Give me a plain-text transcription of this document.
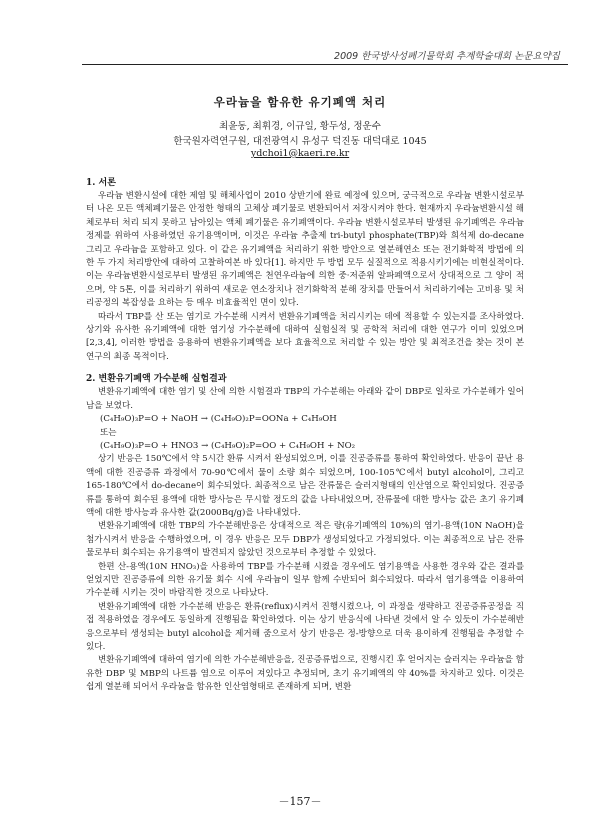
2009 한국방사성폐기물학회 추계학술대회 논문요약집
우라늄을 함유한 유기폐액 처리
최윤동, 최휘경, 이규일, 황두성, 정운수
한국원자력연구원, 대전광역시 유성구 덕진동 대덕대로 1045
ydchoi1@kaeri.re.kr
1. 서론

우라늄 변환시설에 대한 제염 및 해체사업이 2010 상반기에 완료 예정에 있으며, 궁극적으로 우라늄 변환시설로부터 나온 모든 액체폐기물은 안정한 형태의 고체상 폐기물로 변환되어서 저장시켜야 한다. 현재까지 우라늄변환시설 해체로부터 처리 되지 못하고 남아있는 액체 폐기물은 유기폐액이다. 우라늄 변환시설로부터 발생된 유기폐액은 우라늄 정제를 위하여 사용하였던 유기용액이며, 이것은 우라늄 추출제 tri-butyl phosphate(TBP)와 희석제 do-decane 그리고 우라늄을 포함하고 있다. 이 같은 유기폐액을 처리하기 위한 방안으로 열분해연소 또는 전기화학적 방법에 의한 두 가지 처리방안에 대하여 고찰하여본 바 있다[1]. 하지만 두 방법 모두 실질적으로 적용시키기에는 비현실적이다. 이는 우라늄변환시설로부터 발생된 유기폐액은 천연우라늄에 의한 중·저준위 알파폐액으로서 상대적으로 그 양이 적으며, 약 5톤, 이를 처리하기 위하여 새로운 연소장치나 전기화학적 분해 장치를 만들어서 처리하기에는 고비용 및 처리공정의 복잡성을 요하는 등 매우 비효율적인 면이 있다.

따라서 TBP를 산 또는 염기로 가수분해 시켜서 변환유기폐액을 처리시키는 데에 적용할 수 있는지를 조사하였다. 상기와 유사한 유기폐액에 대한 염기성 가수분해에 대하여 실험실적 및 공학적 처리에 대한 연구가 이미 있었으며[2,3,4], 이러한 방법을 응용하여 변환유기폐액을 보다 효율적으로 처리할 수 있는 방안 및 최적조건을 찾는 것이 본 연구의 최종 목적이다.

2. 변환유기폐액 가수분해 실험결과

변환유기폐액에 대한 염기 및 산에 의한 시험결과 TBP의 가수분해는 아래와 같이 DBP로 일차로 가수분해가 일어남을 보였다.

(C₄H₉O)₃P=O + NaOH → (C₄H₉O)₂P=OONa + C₄H₉OH

또는

(C₄H₉O)₃P=O + HNO3 → (C₄H₉O)₂P=OO + C₄H₉OH + NO₂

상기 반응은 150℃에서 약 5시간 환류 시켜서 완성되었으며, 이를 진공증류를 통하여 확인하였다. 반응이 끝난 용액에 대한 진공증류 과정에서 70-90℃에서 물이 소량 회수 되었으며, 100-105℃에서 butyl alcohol이, 그리고 165-180℃에서 do-decane이 회수되었다. 최종적으로 남은 잔류물은 슬러지형태의 인산염으로 확인되었다. 진공증류를 통하여 회수된 용액에 대한 방사능은 무시할 정도의 값을 나타내었으며, 잔류물에 대한 방사능 값은 초기 유기폐액에 대한 방사능과 유사한 값(2000Bq/g)을 나타내었다.

변환유기폐액에 대한 TBP의 가수분해반응은 상대적으로 적은 량(유기폐액의 10%)의 염기-용액(10N NaOH)을 첨가시켜서 반응을 수행하였으며, 이 경우 반응은 모두 DBP가 생성되었다고 가정되었다. 이는 최종적으로 남은 잔류물로부터 회수되는 유기용액이 발견되지 않았던 것으로부터 추정할 수 있었다.

한편 산-용액(10N HNO₃)을 사용하여 TBP를 가수분해 시켰을 경우에도 염기용액을 사용한 경우와 같은 결과를 얻었지만 진공증류에 의한 유기물 회수 시에 우라늄이 일부 함께 수반되어 회수되었다. 따라서 염기용액을 이용하여 가수분해 시키는 것이 바람직한 것으로 나타났다.

변환유기폐액에 대한 가수분해 반응은 환류(reflux)시켜서 진행시켰으나, 이 과정을 생략하고 진공증류공정을 직접 적용하였을 경우에도 동일하게 진행됨을 확인하였다. 이는 상기 반응식에 나타낸 것에서 알 수 있듯이 가수분해반응으로부터 생성되는 butyl alcohol을 제거해 줌으로서 상기 반응은 정-방향으로 더욱 용이하게 진행됨을 추정할 수 있다.

변환유기폐액에 대하여 염기에 의한 가수분해반응을, 진공증류법으로, 진행시킨 후 얻어지는 슬러지는 우라늄을 함유한 DBP 및 MBP의 나트륨 염으로 이루어 져있다고 추정되며, 초기 유기폐액의 약 40%를 차지하고 있다. 이것은 쉽게 열분해 되어서 우라늄을 함유한 인산염형태로 존재하게 되며, 변환

－157－
